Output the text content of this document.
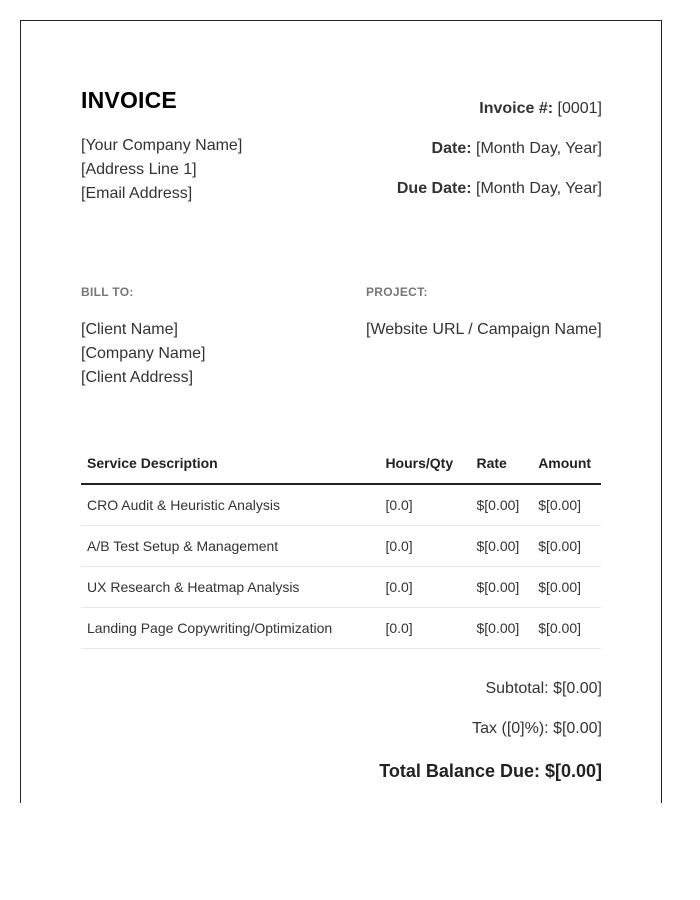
INVOICE
[Your Company Name]
[Address Line 1]
[Email Address]
Invoice #: [0001]
Date: [Month Day, Year]
Due Date: [Month Day, Year]
BILL TO:	PROJECT:
[Client Name]
[Company Name]
[Client Address]
[Website URL / Campaign Name]
Service Description	Hours/Qty	Rate	Amount
CRO Audit & Heuristic Analysis	[0.0]	$[0.00]	$[0.00]
A/B Test Setup & Management	[0.0]	$[0.00]	$[0.00]
UX Research & Heatmap Analysis	[0.0]	$[0.00]	$[0.00]
Landing Page Copywriting/Optimization	[0.0]	$[0.00]	$[0.00]
Subtotal: $[0.00]
Tax ([0]%): $[0.00]
Total Balance Due: $[0.00]
